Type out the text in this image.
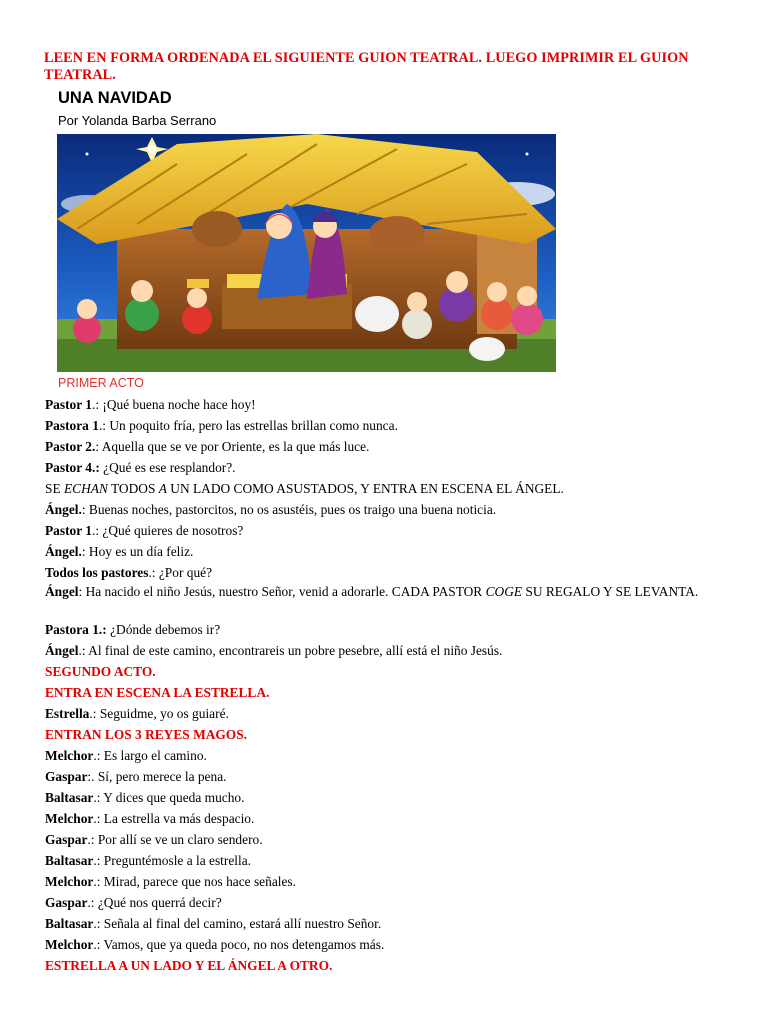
LEEN EN FORMA ORDENADA EL SIGUIENTE GUION TEATRAL. LUEGO IMPRIMIR EL GUION TEATRAL.
UNA NAVIDAD
Por Yolanda Barba Serrano
PRIMER ACTO
Pastor 1.: ¡Qué buena noche hace hoy!
Pastora 1.: Un poquito fría, pero las estrellas brillan como nunca.
Pastor 2.: Aquella que se ve por Oriente, es la que más luce.
Pastor 4.: ¿Qué es ese resplandor?.
SE ECHAN TODOS A UN LADO COMO ASUSTADOS, Y ENTRA EN ESCENA EL ÁNGEL.
Ángel.: Buenas noches, pastorcitos, no os asustéis, pues os traigo una buena noticia.
Pastor 1.: ¿Qué quieres de nosotros?
Ángel.: Hoy es un día feliz.
Todos los pastores.: ¿Por qué?
Ángel: Ha nacido el niño Jesús, nuestro Señor, venid a adorarle. CADA PASTOR COGE SU REGALO Y SE LEVANTA.
Pastora 1.: ¿Dónde debemos ir?
Ángel.: Al final de este camino, encontrareis un pobre pesebre, allí está el niño Jesús.
SEGUNDO ACTO.
ENTRA EN ESCENA LA ESTRELLA.
Estrella.: Seguidme, yo os guiaré.
ENTRAN LOS 3 REYES MAGOS.
Melchor.: Es largo el camino.
Gaspar:. Sí, pero merece la pena.
Baltasar.: Y dices que queda mucho.
Melchor.: La estrella va más despacio.
Gaspar.: Por allí se ve un claro sendero.
Baltasar.: Preguntémosle a la estrella.
Melchor.: Mirad, parece que nos hace señales.
Gaspar.: ¿Qué nos querrá decir?
Baltasar.: Señala al final del camino, estará allí nuestro Señor.
Melchor.: Vamos, que ya queda poco, no nos detengamos más.
ESTRELLA A UN LADO Y EL ÁNGEL A OTRO.
